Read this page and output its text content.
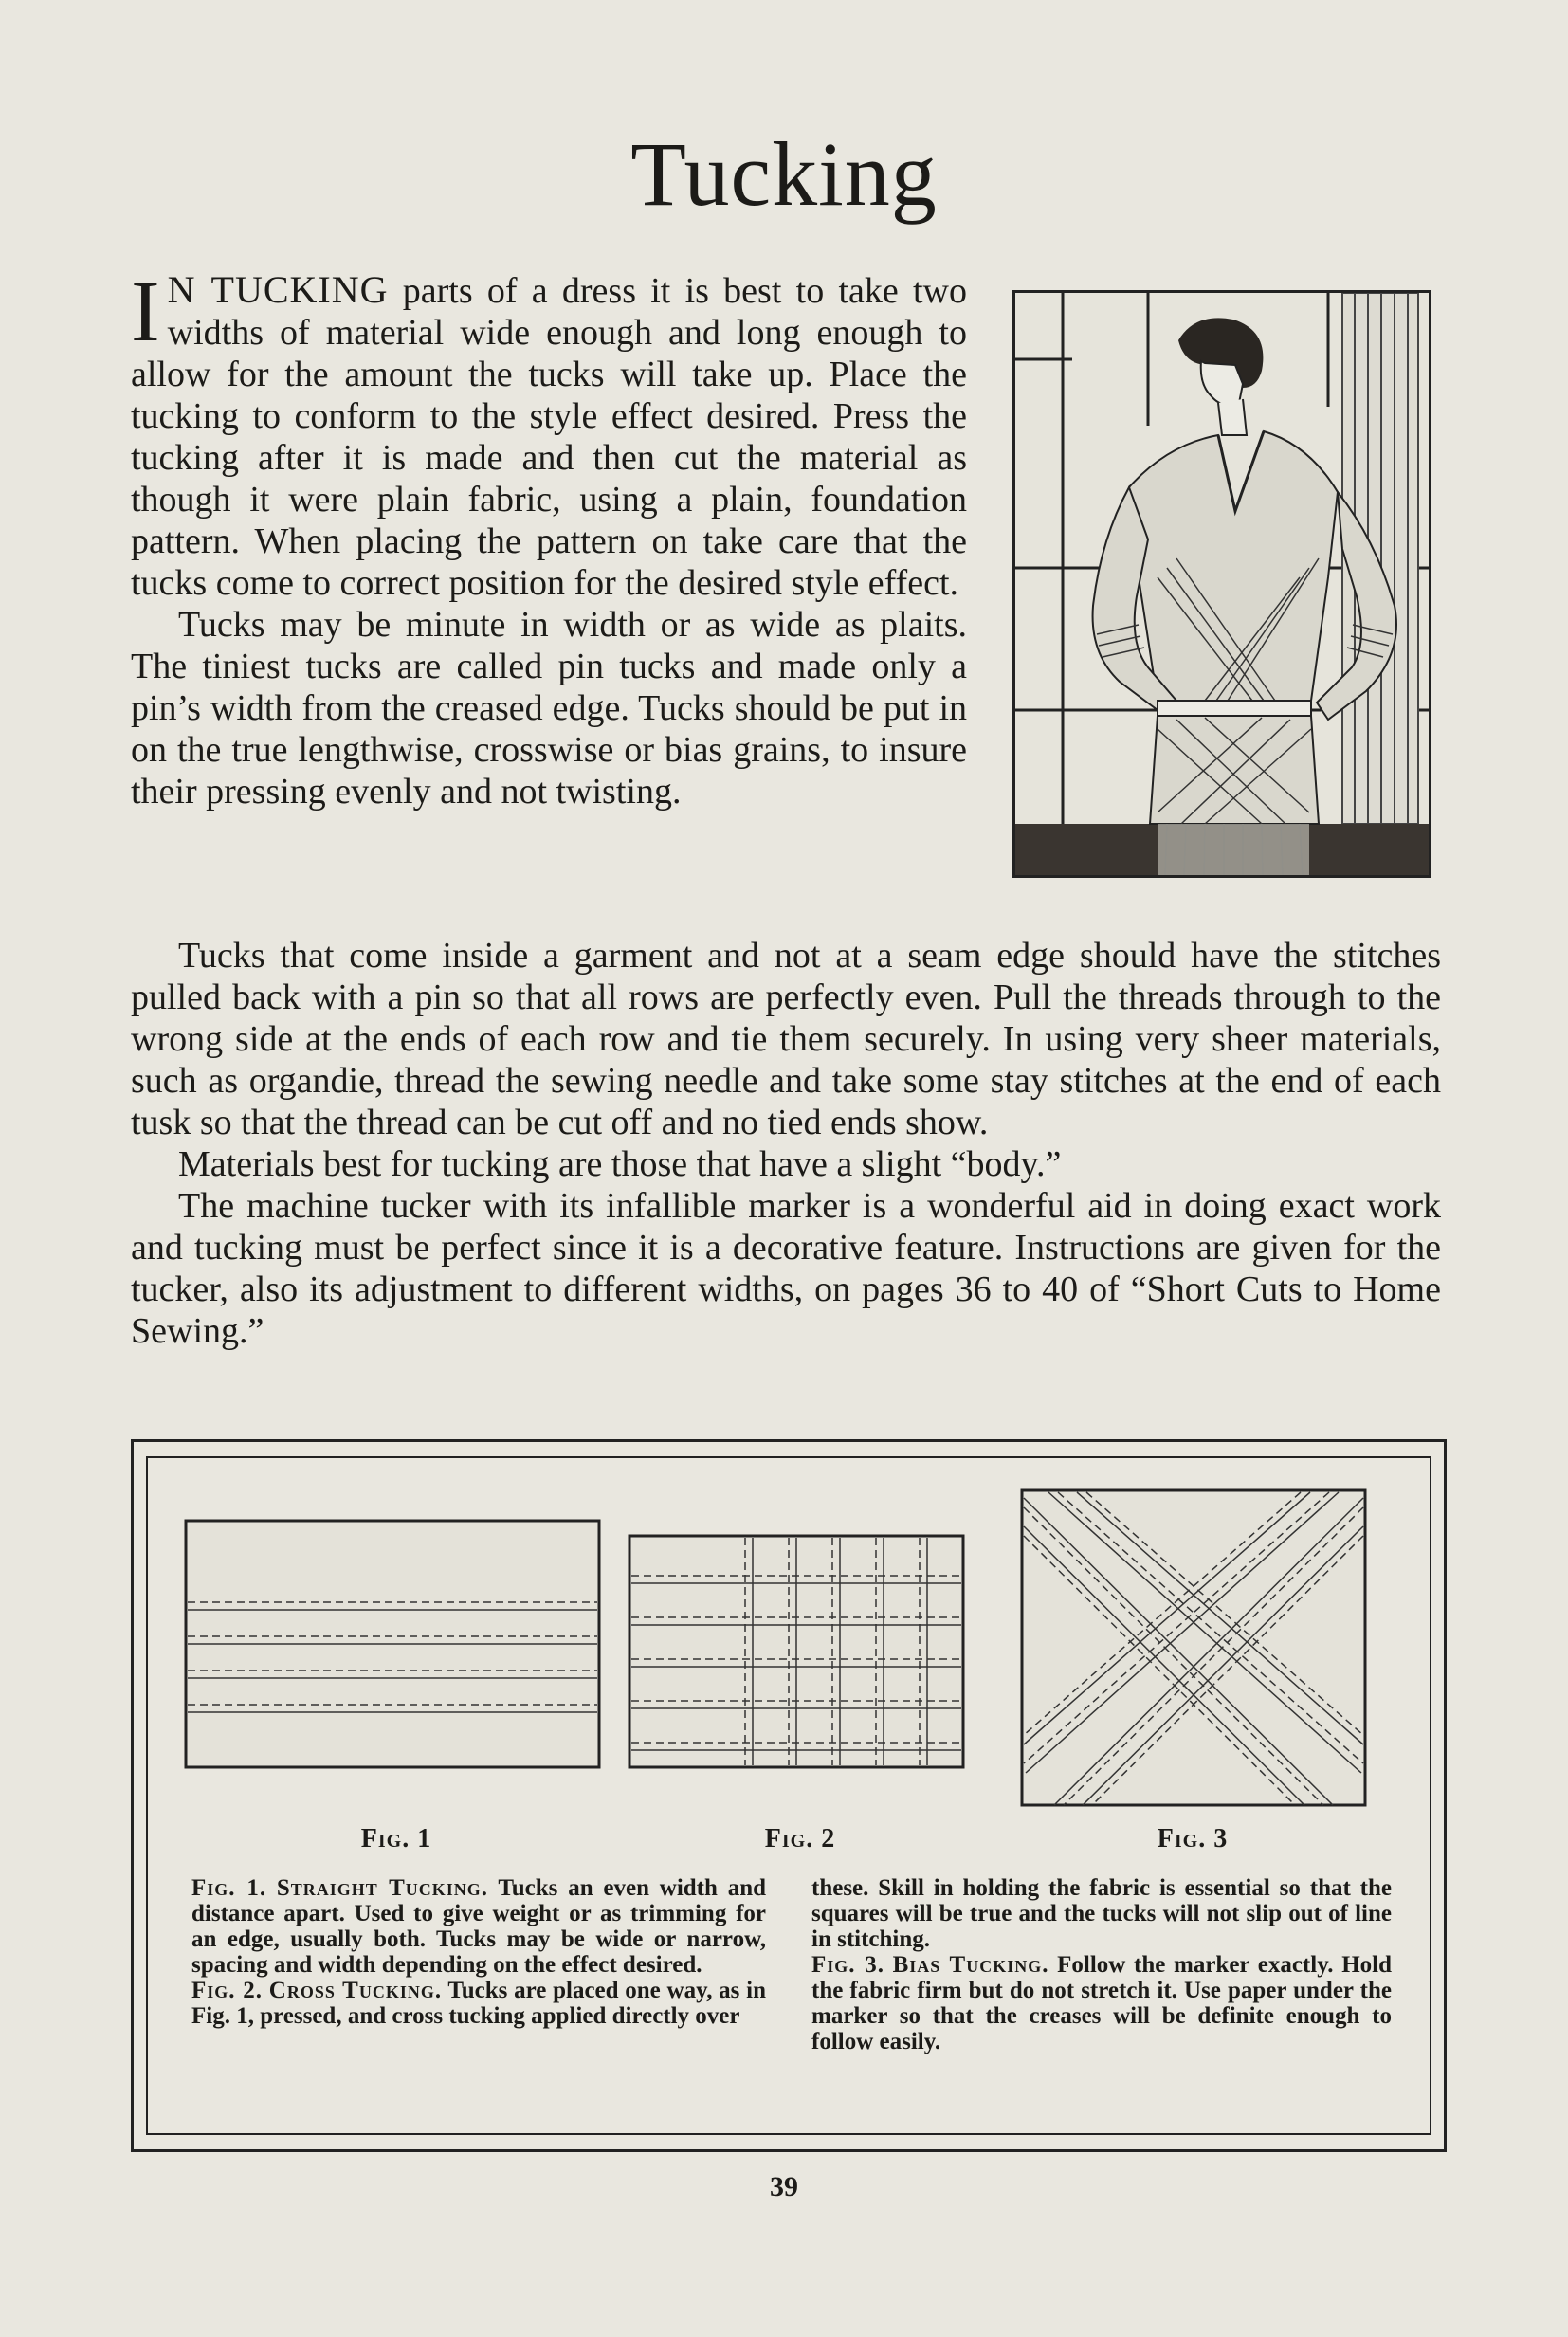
Tucking

I N TUCKING parts of a dress it is best to take two widths of material wide enough and long enough to allow for the amount the tucks will take up. Place the tucking to conform to the style effect desired. Press the tucking after it is made and then cut the material as though it were plain fabric, using a plain, foundation pattern. When placing the pattern on take care that the tucks come to correct position for the desired style effect.

Tucks may be minute in width or as wide as plaits. The tiniest tucks are called pin tucks and made only a pin’s width from the creased edge. Tucks should be put in on the true lengthwise, crosswise or bias grains, to insure their pressing evenly and not twisting.

Tucks that come inside a garment and not at a seam edge should have the stitches pulled back with a pin so that all rows are perfectly even. Pull the threads through to the wrong side at the ends of each row and tie them securely. In using very sheer materials, such as organdie, thread the sewing needle and take some stay stitches at the end of each tusk so that the thread can be cut off and no tied ends show.

Materials best for tucking are those that have a slight “body.”

The machine tucker with its infallible marker is a wonderful aid in doing exact work and tucking must be perfect since it is a decorative feature. Instructions are given for the tucker, also its adjustment to different widths, on pages 36 to 40 of “Short Cuts to Home Sewing.”

Fig. 1	Fig. 2	Fig. 3

Fig. 1. Straight Tucking. Tucks an even width and distance apart. Used to give weight or as trimming for an edge, usually both. Tucks may be wide or narrow, spacing and width depending on the effect desired.

Fig. 2. Cross Tucking. Tucks are placed one way, as in Fig. 1, pressed, and cross tucking applied directly over

these. Skill in holding the fabric is essential so that the squares will be true and the tucks will not slip out of line in stitching.

Fig. 3. Bias Tucking. Follow the marker exactly. Hold the fabric firm but do not stretch it. Use paper under the marker so that the creases will be definite enough to follow easily.

39
